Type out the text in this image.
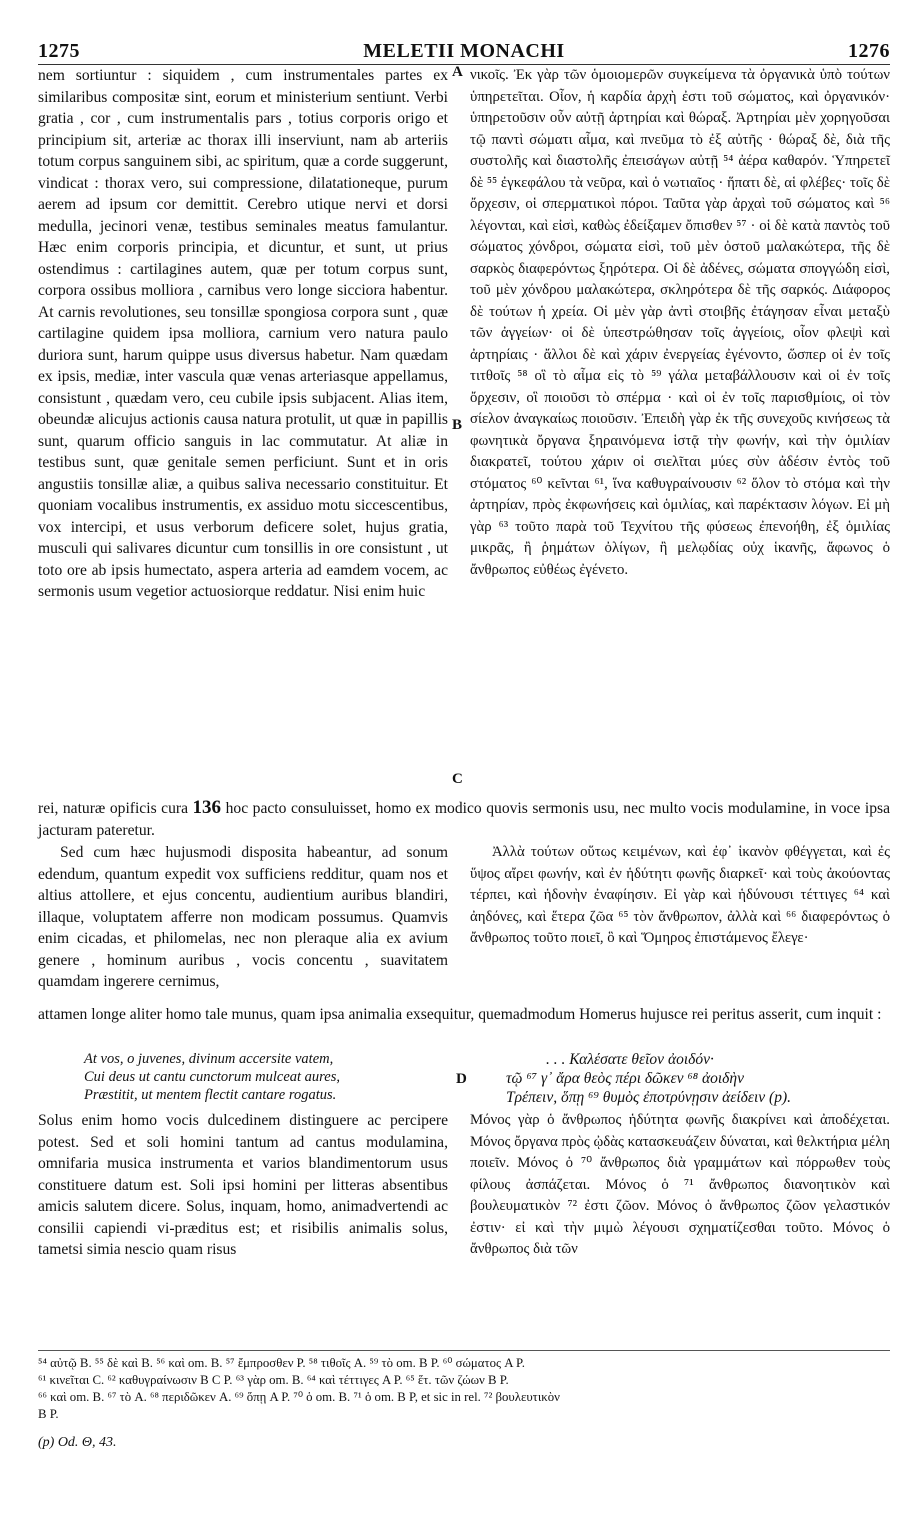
1275	MELETII MONACHI	1276
A
B
C
D
nem sortiuntur : siquidem , cum instrumentales partes ex similaribus compositæ sint, eorum et ministerium sentiunt. Verbi gratia , cor , cum instrumentalis pars , totius corporis origo et principium sit, arteriæ ac thorax illi inserviunt, nam ab arteriis totum corpus sanguinem sibi, ac spiritum, quæ a corde suggerunt, vindicat : thorax vero, sui compressione, dilatationeque, purum aerem ad ipsum cor demittit. Cerebro utique nervi et dorsi medulla, jecinori venæ, testibus seminales meatus famulantur. Hæc enim corporis principia, et dicuntur, et sunt, ut prius ostendimus : cartilagines autem, quæ per totum corpus sunt, corpora ossibus molliora , carnibus vero longe sicciora habentur. At carnis revolutiones, seu tonsillæ spongiosa corpora sunt , quæ cartilagine quidem ipsa molliora, carnium vero natura paulo duriora sunt, harum quippe usus diversus habetur. Nam quædam ex ipsis, mediæ, inter vascula quæ venas arteriasque appellamus, consistunt , quædam vero, ceu cubile ipsis subjacent. Alias item, obeundæ alicujus actionis causa natura protulit, ut quæ in papillis sunt, quarum officio sanguis in lac commutatur. At aliæ in testibus sunt, quæ genitale semen perficiunt. Sunt et in oris angustiis tonsillæ aliæ, a quibus saliva necessario constituitur. Et quoniam vocalibus instrumentis, ex assiduo motu siccescentibus, vox intercipi, et usus verborum deficere solet, hujus gratia, musculi qui salivares dicuntur cum tonsillis in ore consistunt , ut toto ore ab ipsis humectato, aspera arteria ad eamdem vocem, ac sermonis usum vegetior actuosiorque reddatur. Nisi enim huic
νικοῖς. Ἐκ γὰρ τῶν ὁμοιομερῶν συγκείμενα τὰ ὀργανικὰ ὑπὸ τούτων ὑπηρετεῖται. Οἷον, ἡ καρδία ἀρχὴ ἐστι τοῦ σώματος, καὶ ὀργανικόν· ὑπηρετοῦσιν οὖν αὐτῇ ἀρτηρίαι καὶ θώραξ. Ἀρτηρίαι μὲν χορηγοῦσαι τῷ παντὶ σώματι αἷμα, καὶ πνεῦμα τὸ ἐξ αὐτῆς · θώραξ δὲ, διὰ τῆς συστολῆς καὶ διαστολῆς ἐπεισάγων αὐτῇ ⁵⁴ ἀέρα καθαρόν. Ὑπηρετεῖ δὲ ⁵⁵ ἐγκεφάλου τὰ νεῦρα, καὶ ὁ νωτιαῖος · ἥπατι δὲ, αἱ φλέβες· τοῖς δὲ ὄρχεσιν, οἱ σπερματικοὶ πόροι. Ταῦτα γὰρ ἀρχαὶ τοῦ σώματος καὶ ⁵⁶ λέγονται, καὶ εἰσὶ, καθὼς ἐδείξαμεν ὄπισθεν ⁵⁷ · οἱ δὲ κατὰ παντὸς τοῦ σώματος χόνδροι, σώματα εἰσὶ, τοῦ μὲν ὀστοῦ μαλακώτερα, τῆς δὲ σαρκὸς διαφερόντως ξηρότερα. Οἱ δὲ ἀδένες, σώματα σπογγώδη εἰσὶ, τοῦ μὲν χόνδρου μαλακώτερα, σκληρότερα δὲ τῆς σαρκός. Διάφορος δὲ τούτων ἡ χρεία. Οἱ μὲν γὰρ ἀντὶ στοιβῆς ἐτάγησαν εἶναι μεταξὺ τῶν ἀγγείων· οἱ δὲ ὑπεστρώθησαν τοῖς ἀγγείοις, οἷον φλεψὶ καὶ ἀρτηρίαις · ἄλλοι δὲ καὶ χάριν ἐνεργείας ἐγένοντο, ὥσπερ οἱ ἐν τοῖς τιτθοῖς ⁵⁸ οἳ τὸ αἷμα εἰς τὸ ⁵⁹ γάλα μεταβάλλουσιν καὶ οἱ ἐν τοῖς ὄρχεσιν, οἳ ποιοῦσι τὸ σπέρμα · καὶ οἱ ἐν τοῖς παρισθμίοις, οἱ τὸν σίελον ἀναγκαίως ποιοῦσιν. Ἐπειδὴ γὰρ ἐκ τῆς συνεχοῦς κινήσεως τὰ φωνητικὰ ὄργανα ξηραινόμενα ἱστᾷ τὴν φωνήν, καὶ τὴν ὁμιλίαν διακρατεῖ, τούτου χάριν οἱ σιελῖται μύες σὺν ἀδέσιν ἐντὸς τοῦ στόματος ⁶⁰ κεῖνται ⁶¹, ἵνα καθυγραίνουσιν ⁶² ὅλον τὸ στόμα καὶ τὴν ἀρτηρίαν, πρὸς ἐκφωνήσεις καὶ ὁμιλίας, καὶ παρέκτασιν λόγων. Εἰ μὴ γὰρ ⁶³ τοῦτο παρὰ τοῦ Τεχνίτου τῆς φύσεως ἐπενοήθη, ἐξ ὁμιλίας μικρᾶς, ἢ ῥημάτων ὀλίγων, ἢ μελῳδίας οὐχ ἱκανῆς, ἄφωνος ὁ ἄνθρωπος εὐθέως ἐγένετο.
rei, naturæ opificis cura 136 hoc pacto consuluisset, homo ex modico quovis sermonis usu, nec multo vocis modulamine, in voce ipsa jacturam pateretur.
Sed cum hæc hujusmodi disposita habeantur, ad sonum edendum, quantum expedit vox sufficiens redditur, quam nos et altius attollere, et ejus concentu, audientium auribus blandiri, illaque, voluptatem afferre non modicam possumus. Quamvis enim cicadas, et philomelas, nec non pleraque alia ex avium genere , hominum auribus , vocis concentu , suavitatem quamdam ingerere cernimus,
Ἀλλὰ τούτων οὕτως κειμένων, καὶ ἐφ᾽ ἱκανὸν φθέγγεται, καὶ ἐς ὕψος αἴρει φωνήν, καὶ ἐν ἡδύτητι φωνῆς διαρκεῖ· καὶ τοὺς ἀκούοντας τέρπει, καὶ ἡδονὴν ἐναφίησιν. Εἰ γὰρ καὶ ἡδύνουσι τέττιγες ⁶⁴ καὶ ἀηδόνες, καὶ ἕτερα ζῶα ⁶⁵ τὸν ἄνθρωπον, ἀλλὰ καὶ ⁶⁶ διαφερόντως ὁ ἄνθρωπος τοῦτο ποιεῖ, ὃ καὶ Ὅμηρος ἐπιστάμενος ἔλεγε·
attamen longe aliter homo tale munus, quam ipsa animalia exsequitur, quemadmodum Homerus hujusce rei peritus asserit, cum inquit :
At vos, o juvenes, divinum accersite vatem,
Cui deus ut cantu cunctorum mulceat aures,
Præstitit, ut mentem flectit cantare rogatus.
. . . Καλέσατε θεῖον ἀοιδόν·
τῷ ⁶⁷ γ᾽ ἄρα θεὸς πέρι δῶκεν ⁶⁸ ἀοιδὴν
Τρέπειν, ὅπῃ ⁶⁹ θυμὸς ἐποτρύνῃσιν ἀείδειν (p).
Solus enim homo vocis dulcedinem distinguere ac percipere potest. Sed et soli homini tantum ad cantus modulamina, omnifaria musica instrumenta et varios blandimentorum usus constituere datum est. Soli ipsi homini per litteras absentibus amicis salutem dicere. Solus, inquam, homo, animadvertendi ac consilii capiendi vi-præditus est; et risibilis animalis solus, tametsi simia nescio quam risus
Μόνος γὰρ ὁ ἄνθρωπος ἡδύτητα φωνῆς διακρίνει καὶ ἀποδέχεται. Μόνος ὄργανα πρὸς ᾠδὰς κατασκευάζειν δύναται, καὶ θελκτήρια μέλη ποιεῖν. Μόνος ὁ ⁷⁰ ἄνθρωπος διὰ γραμμάτων καὶ πόρρωθεν τοὺς φίλους ἀσπάζεται. Μόνος ὁ ⁷¹ ἄνθρωπος διανοητικὸν καὶ βουλευματικὸν ⁷² ἐστι ζῶον. Μόνος ὁ ἄνθρωπος ζῶον γελαστικόν ἐστιν· εἰ καὶ τὴν μιμὼ λέγουσι σχηματίζεσθαι τοῦτο. Μόνος ὁ ἄνθρωπος διὰ τῶν
⁵⁴ αὐτῷ B. ⁵⁵ δὲ καὶ B. ⁵⁶ καὶ om. B. ⁵⁷ ἔμπροσθεν P. ⁵⁸ τιθοῖς A. ⁵⁹ τὸ om. B P. ⁶⁰ σώματος A P.
⁶¹ κινεῖται C. ⁶² καθυγραίνωσιν B C P. ⁶³ γὰρ om. B. ⁶⁴ καὶ τέττιγες A P. ⁶⁵ ἕτ. τῶν ζώων B P.
⁶⁶ καὶ om. B. ⁶⁷ τὸ A. ⁶⁸ περιδῶκεν A. ⁶⁹ ὅπῃ A P. ⁷⁰ ὁ om. B. ⁷¹ ὁ om. B P, et sic in rel. ⁷² βουλευτικὸν
B P.
(p) Od. Θ, 43.
